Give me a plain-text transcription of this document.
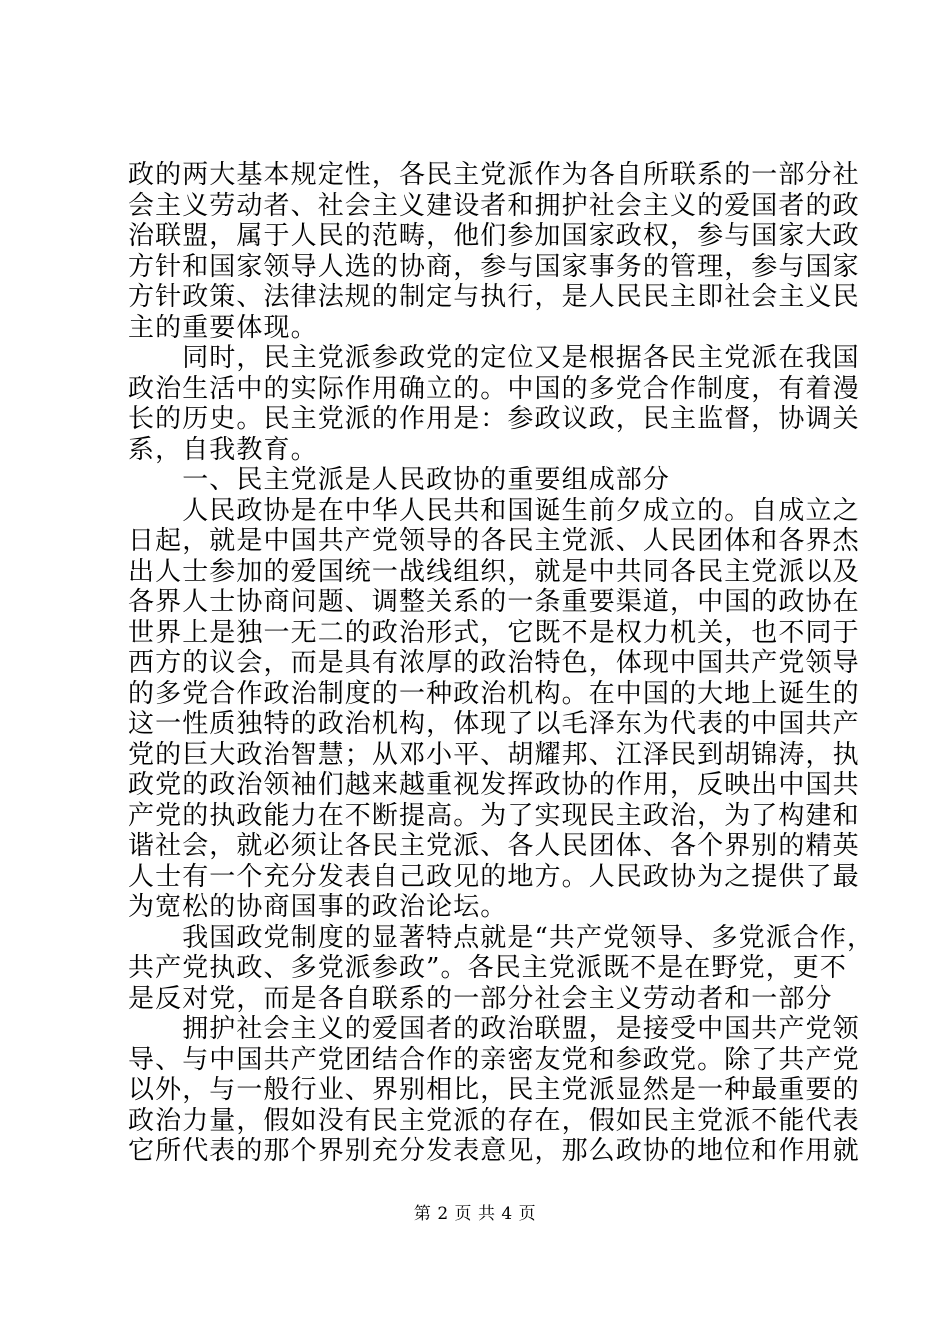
政的两大基本规定性，各民主党派作为各自所联系的一部分社
会主义劳动者、社会主义建设者和拥护社会主义的爱国者的政
治联盟，属于人民的范畴，他们参加国家政权，参与国家大政
方针和国家领导人选的协商，参与国家事务的管理，参与国家
方针政策、法律法规的制定与执行，是人民民主即社会主义民
主的重要体现。
　　同时，民主党派参政党的定位又是根据各民主党派在我国
政治生活中的实际作用确立的。中国的多党合作制度，有着漫
长的历史。民主党派的作用是：参政议政，民主监督，协调关
系，自我教育。
　　一、民主党派是人民政协的重要组成部分
　　人民政协是在中华人民共和国诞生前夕成立的。自成立之
日起，就是中国共产党领导的各民主党派、人民团体和各界杰
出人士参加的爱国统一战线组织，就是中共同各民主党派以及
各界人士协商问题、调整关系的一条重要渠道，中国的政协在
世界上是独一无二的政治形式，它既不是权力机关，也不同于
西方的议会，而是具有浓厚的政治特色，体现中国共产党领导
的多党合作政治制度的一种政治机构。在中国的大地上诞生的
这一性质独特的政治机构，体现了以毛泽东为代表的中国共产
党的巨大政治智慧；从邓小平、胡耀邦、江泽民到胡锦涛，执
政党的政治领袖们越来越重视发挥政协的作用，反映出中国共
产党的执政能力在不断提高。为了实现民主政治，为了构建和
谐社会，就必须让各民主党派、各人民团体、各个界别的精英
人士有一个充分发表自己政见的地方。人民政协为之提供了最
为宽松的协商国事的政治论坛。
　　我国政党制度的显著特点就是“共产党领导、多党派合作，
共产党执政、多党派参政”。各民主党派既不是在野党，更不
是反对党，而是各自联系的一部分社会主义劳动者和一部分
　　拥护社会主义的爱国者的政治联盟，是接受中国共产党领
导、与中国共产党团结合作的亲密友党和参政党。除了共产党
以外，与一般行业、界别相比，民主党派显然是一种最重要的
政治力量，假如没有民主党派的存在，假如民主党派不能代表
它所代表的那个界别充分发表意见，那么政协的地位和作用就
第 2 页 共 4 页
